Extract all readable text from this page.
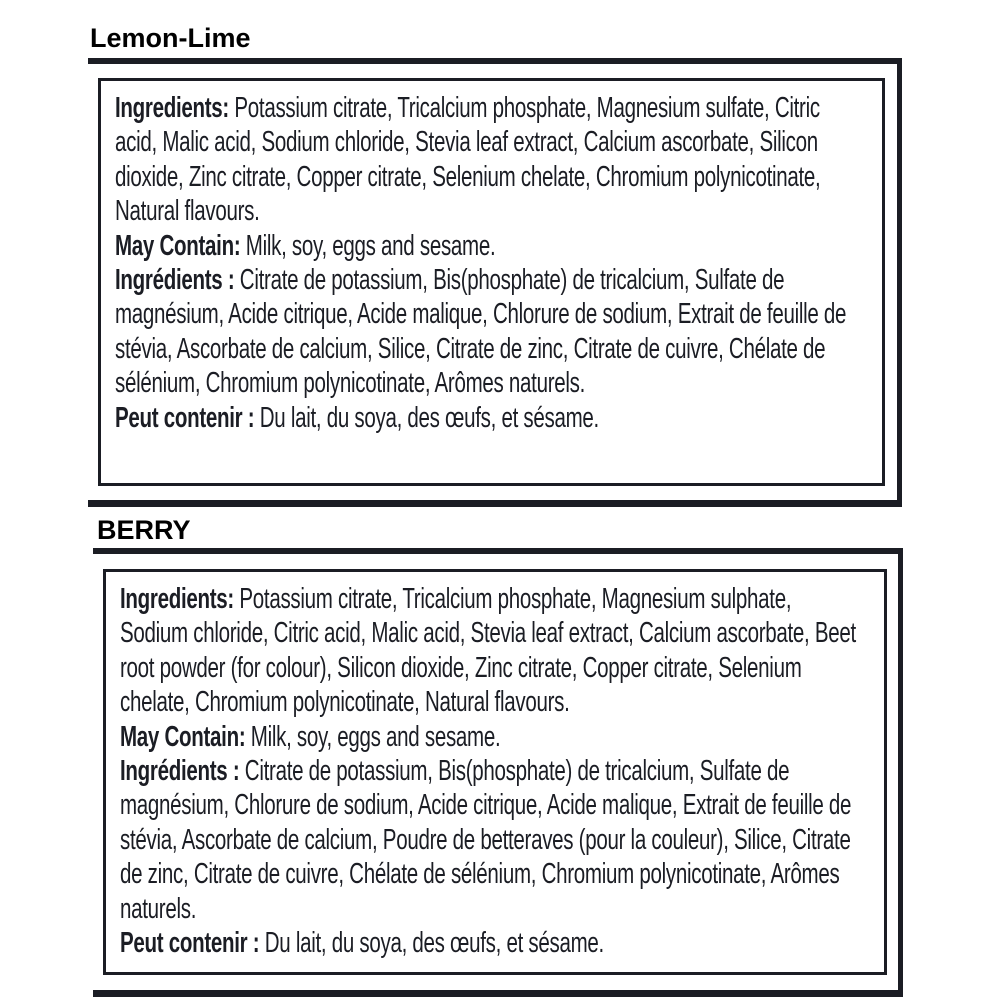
Lemon-Lime

Ingredients: Potassium citrate, Tricalcium phosphate, Magnesium sulfate, Citric acid, Malic acid, Sodium chloride, Stevia leaf extract, Calcium ascorbate, Silicon dioxide, Zinc citrate, Copper citrate, Selenium chelate, Chromium polynicotinate, Natural flavours.

May Contain: Milk, soy, eggs and sesame.

Ingrédients : Citrate de potassium, Bis(phosphate) de tricalcium, Sulfate de magnésium, Acide citrique, Acide malique, Chlorure de sodium, Extrait de feuille de stévia, Ascorbate de calcium, Silice, Citrate de zinc, Citrate de cuivre, Chélate de sélénium, Chromium polynicotinate, Arômes naturels.

Peut contenir : Du lait, du soya, des œufs, et sésame.

BERRY

Ingredients: Potassium citrate, Tricalcium phosphate, Magnesium sulphate, Sodium chloride, Citric acid, Malic acid, Stevia leaf extract, Calcium ascorbate, Beet root powder (for colour), Silicon dioxide, Zinc citrate, Copper citrate, Selenium chelate, Chromium polynicotinate, Natural flavours.

May Contain: Milk, soy, eggs and sesame.

Ingrédients : Citrate de potassium, Bis(phosphate) de tricalcium, Sulfate de magnésium, Chlorure de sodium, Acide citrique, Acide malique, Extrait de feuille de stévia, Ascorbate de calcium, Poudre de betteraves (pour la couleur), Silice, Citrate de zinc, Citrate de cuivre, Chélate de sélénium, Chromium polynicotinate, Arômes naturels.

Peut contenir : Du lait, du soya, des œufs, et sésame.
